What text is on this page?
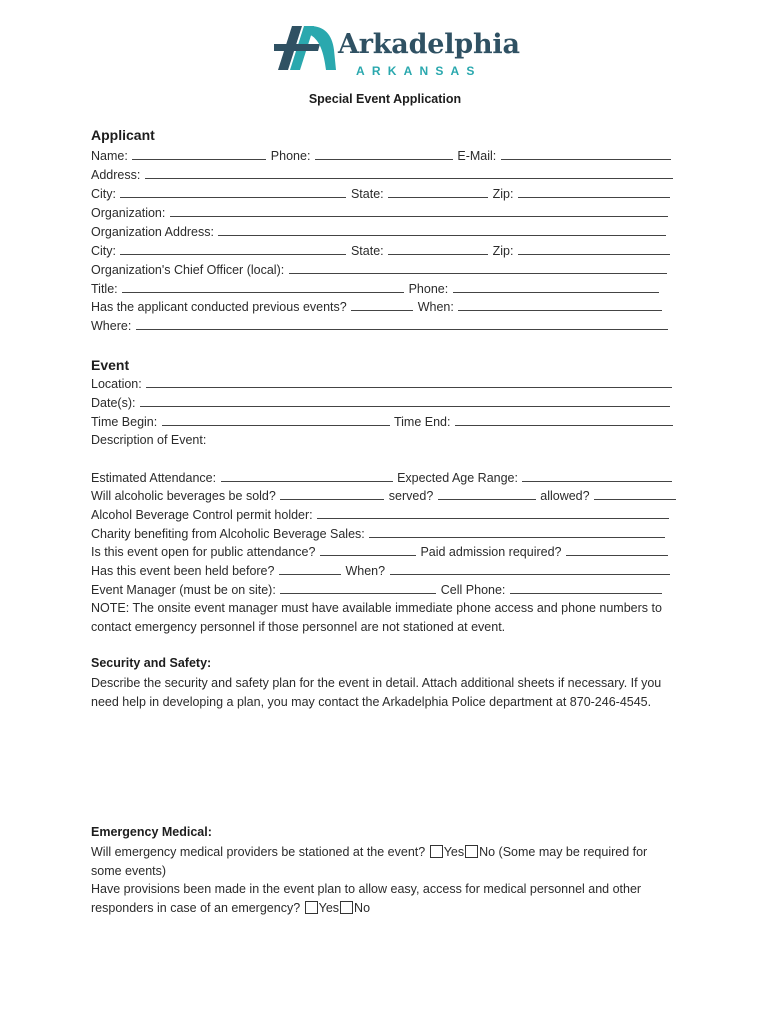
Arkadelphia
ARKANSAS
Special Event Application
Applicant
Name:	Phone:	E-Mail:
Address:
City:	State:	Zip:
Organization:
Organization Address:
City:	State:	Zip:
Organization's Chief Officer (local):
Title:	Phone:
Has the applicant conducted previous events?	When:
Where:
Event
Location:
Date(s):
Time Begin:	Time End:
Description of Event:
Estimated Attendance:	Expected Age Range:
Will alcoholic beverages be sold?	served?	allowed?
Alcohol Beverage Control permit holder:
Charity benefiting from Alcoholic Beverage Sales:
Is this event open for public attendance?	Paid admission required?
Has this event been held before?	When?
Event Manager (must be on site):	Cell Phone:
NOTE: The onsite event manager must have available immediate phone access and phone numbers to contact emergency personnel if those personnel are not stationed at event.
Security and Safety:
Describe the security and safety plan for the event in detail. Attach additional sheets if necessary. If you need help in developing a plan, you may contact the Arkadelphia Police department at 870-246-4545.
Emergency Medical:
Will emergency medical providers be stationed at the event? Yes No (Some may be required for some events)
Have provisions been made in the event plan to allow easy, access for medical personnel and other responders in case of an emergency? Yes No
